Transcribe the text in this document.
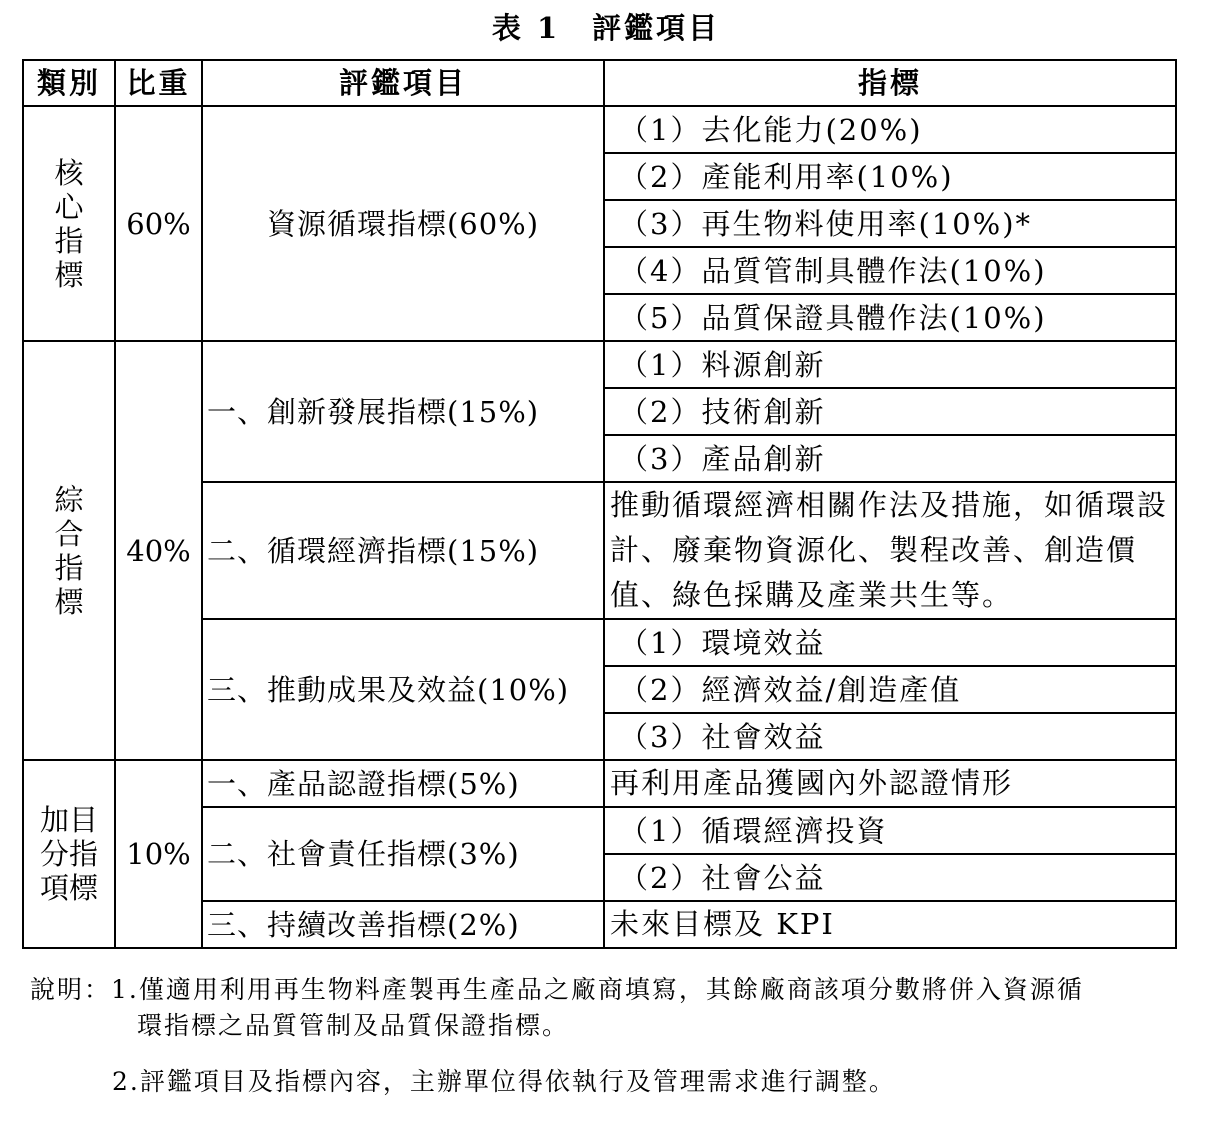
表 1　評鑑項目
類別	比重	評鑑項目	指標

核
心
指
標	60%	資源循環指標(60%)	（1）去化能力(20%)
			（2）產能利用率(10%)
			（3）再生物料使用率(10%)*
			（4）品質管制具體作法(10%)
			（5）品質保證具體作法(10%)

綜
合
指
標	40%	一、創新發展指標(15%)	（1）料源創新
			（2）技術創新
			（3）產品創新
		二、循環經濟指標(15%)	推動循環經濟相關作法及措施，如循環設計、廢棄物資源化、製程改善、創造價值、綠色採購及產業共生等。
		三、推動成果及效益(10%)	（1）環境效益
			（2）經濟效益/創造產值
			（3）社會效益

加目
分指
項標	10%	一、產品認證指標(5%)	再利用產品獲國內外認證情形
		二、社會責任指標(3%)	（1）循環經濟投資
			（2）社會公益
		三、持續改善指標(2%)	未來目標及 KPI
說明：1.僅適用利用再生物料產製再生產品之廠商填寫，其餘廠商該項分數將併入資源循
環指標之品質管制及品質保證指標。
2.評鑑項目及指標內容，主辦單位得依執行及管理需求進行調整。
